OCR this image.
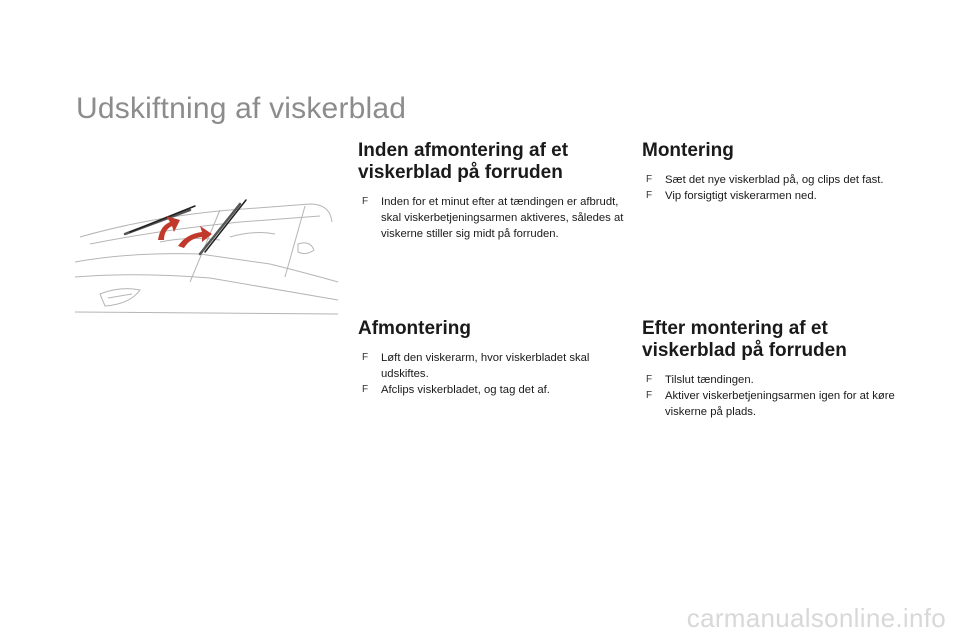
Udskiftning af viskerblad
Inden afmontering af et
viskerblad på forruden
F Inden for et minut efter at tændingen er afbrudt, skal viskerbetjeningsarmen aktiveres, således at viskerne stiller sig midt på forruden.
Montering
F Sæt det nye viskerblad på, og clips det fast.
F Vip forsigtigt viskerarmen ned.
Afmontering
F Løft den viskerarm, hvor viskerbladet skal udskiftes.
F Afclips viskerbladet, og tag det af.
Efter montering af et
viskerblad på forruden
F Tilslut tændingen.
F Aktiver viskerbetjeningsarmen igen for at køre viskerne på plads.
carmanualsonline.info
